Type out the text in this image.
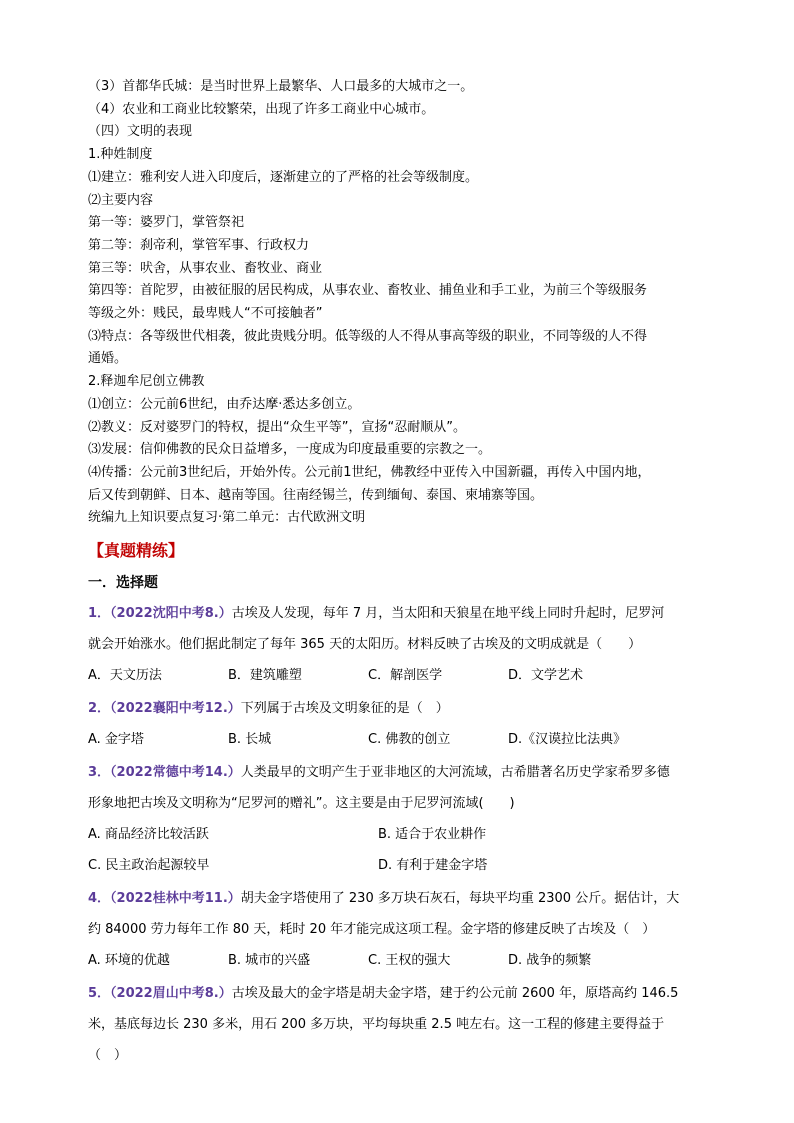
（3）首都华氏城：是当时世界上最繁华、人口最多的大城市之一。

（4）农业和工商业比较繁荣，出现了许多工商业中心城市。

（四）文明的表现

1.种姓制度

⑴建立：雅利安人进入印度后，逐渐建立的了严格的社会等级制度。

⑵主要内容

第一等：婆罗门，掌管祭祀

第二等：刹帝利，掌管军事、行政权力

第三等：吠舍，从事农业、畜牧业、商业

第四等：首陀罗，由被征服的居民构成，从事农业、畜牧业、捕鱼业和手工业，为前三个等级服务

等级之外：贱民，最卑贱人“不可接触者”

⑶特点：各等级世代相袭，彼此贵贱分明。低等级的人不得从事高等级的职业，不同等级的人不得

通婚。

2.释迦牟尼创立佛教

⑴创立：公元前6世纪，由乔达摩·悉达多创立。

⑵教义：反对婆罗门的特权，提出“众生平等”，宣扬“忍耐顺从”。

⑶发展：信仰佛教的民众日益增多，一度成为印度最重要的宗教之一。

⑷传播：公元前3世纪后，开始外传。公元前1世纪，佛教经中亚传入中国新疆，再传入中国内地，

后又传到朝鲜、日本、越南等国。往南经锡兰，传到缅甸、泰国、柬埔寨等国。

统编九上知识要点复习·第二单元：古代欧洲文明

【真题精练】
一．选择题

1．（2022沈阳中考8.）古埃及人发现，每年 7 月，当太阳和天狼星在地平线上同时升起时，尼罗河

就会开始涨水。他们据此制定了每年 365 天的太阳历。材料反映了古埃及的文明成就是（　　）

A．天文历法	B．建筑雕塑	C．解剖医学	D．文学艺术

2．（2022襄阳中考12.）下列属于古埃及文明象征的是（　）

A. 金字塔	B. 长城	C. 佛教的创立	D.《汉谟拉比法典》

3．（2022常德中考14.）人类最早的文明产生于亚非地区的大河流域，古希腊著名历史学家希罗多德

形象地把古埃及文明称为“尼罗河的赠礼”。这主要是由于尼罗河流域(　　)

A. 商品经济比较活跃	B. 适合于农业耕作
C. 民主政治起源较早	D. 有利于建金字塔

4．（2022桂林中考11.）胡夫金字塔使用了 230 多万块石灰石，每块平均重 2300 公斤。据估计，大

约 84000 劳力每年工作 80 天，耗时 20 年才能完成这项工程。金字塔的修建反映了古埃及（　）

A. 环境的优越	B. 城市的兴盛	C. 王权的强大	D. 战争的频繁

5．（2022眉山中考8.）古埃及最大的金字塔是胡夫金字塔，建于约公元前 2600 年，原塔高约 146.5

米，基底每边长 230 多米，用石 200 多万块，平均每块重 2.5 吨左右。这一工程的修建主要得益于

（　）
